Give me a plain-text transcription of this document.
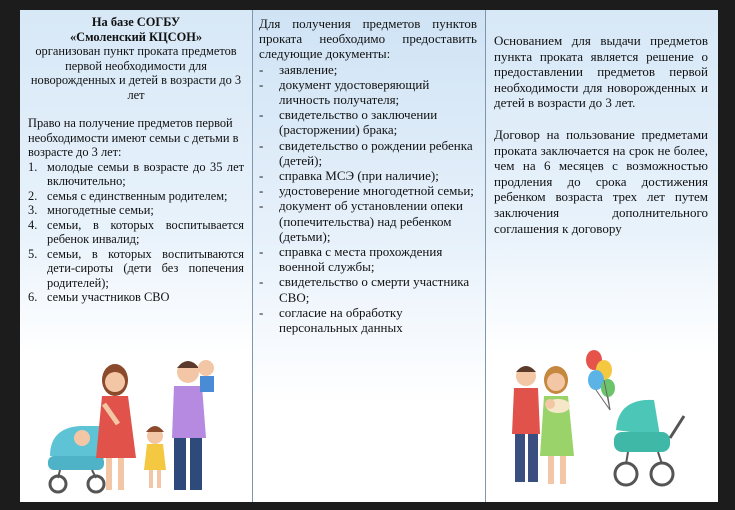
На базе СОГБУ
«Смоленский КЦСОН»
организован пункт проката предметов первой необходимости для новорожденных и детей в возрасти до 3 лет
Право на получение предметов первой необходимости имеют семьи с детьми в возрасте до 3 лет:
1. молодые семьи в возрасте до 35 лет включительно;
2. семья с единственным родителем;
3. многодетные семьи;
4. семьи, в которых воспитывается ребенок инвалид;
5. семьи, в которых воспитываются дети-сироты (дети без попечения родителей);
6. семьи участников СВО
Для получения предметов пунктов проката необходимо предоставить следующие документы:
-	заявление;
-	документ удостоверяющий личность получателя;
-	свидетельство о заключении (расторжении) брака;
-	свидетельство о рождении ребенка (детей);
-	справка МСЭ (при наличие);
-	удостоверение многодетной семьи;
-	документ об установлении опеки (попечительства) над ребенком (детьми);
-	справка с места прохождения военной службы;
-	свидетельство о смерти участника СВО;
-	согласие на обработку персональных данных
Основанием для выдачи предметов пункта проката является решение о предоставлении предметов первой необходимости для новорожденных и детей в возрасти до 3 лет.
Договор на пользование предметами проката заключается на срок не более, чем на 6 месяцев с возможностью продления до срока достижения ребенком возраста трех лет путем заключения дополнительного соглашения к договору
